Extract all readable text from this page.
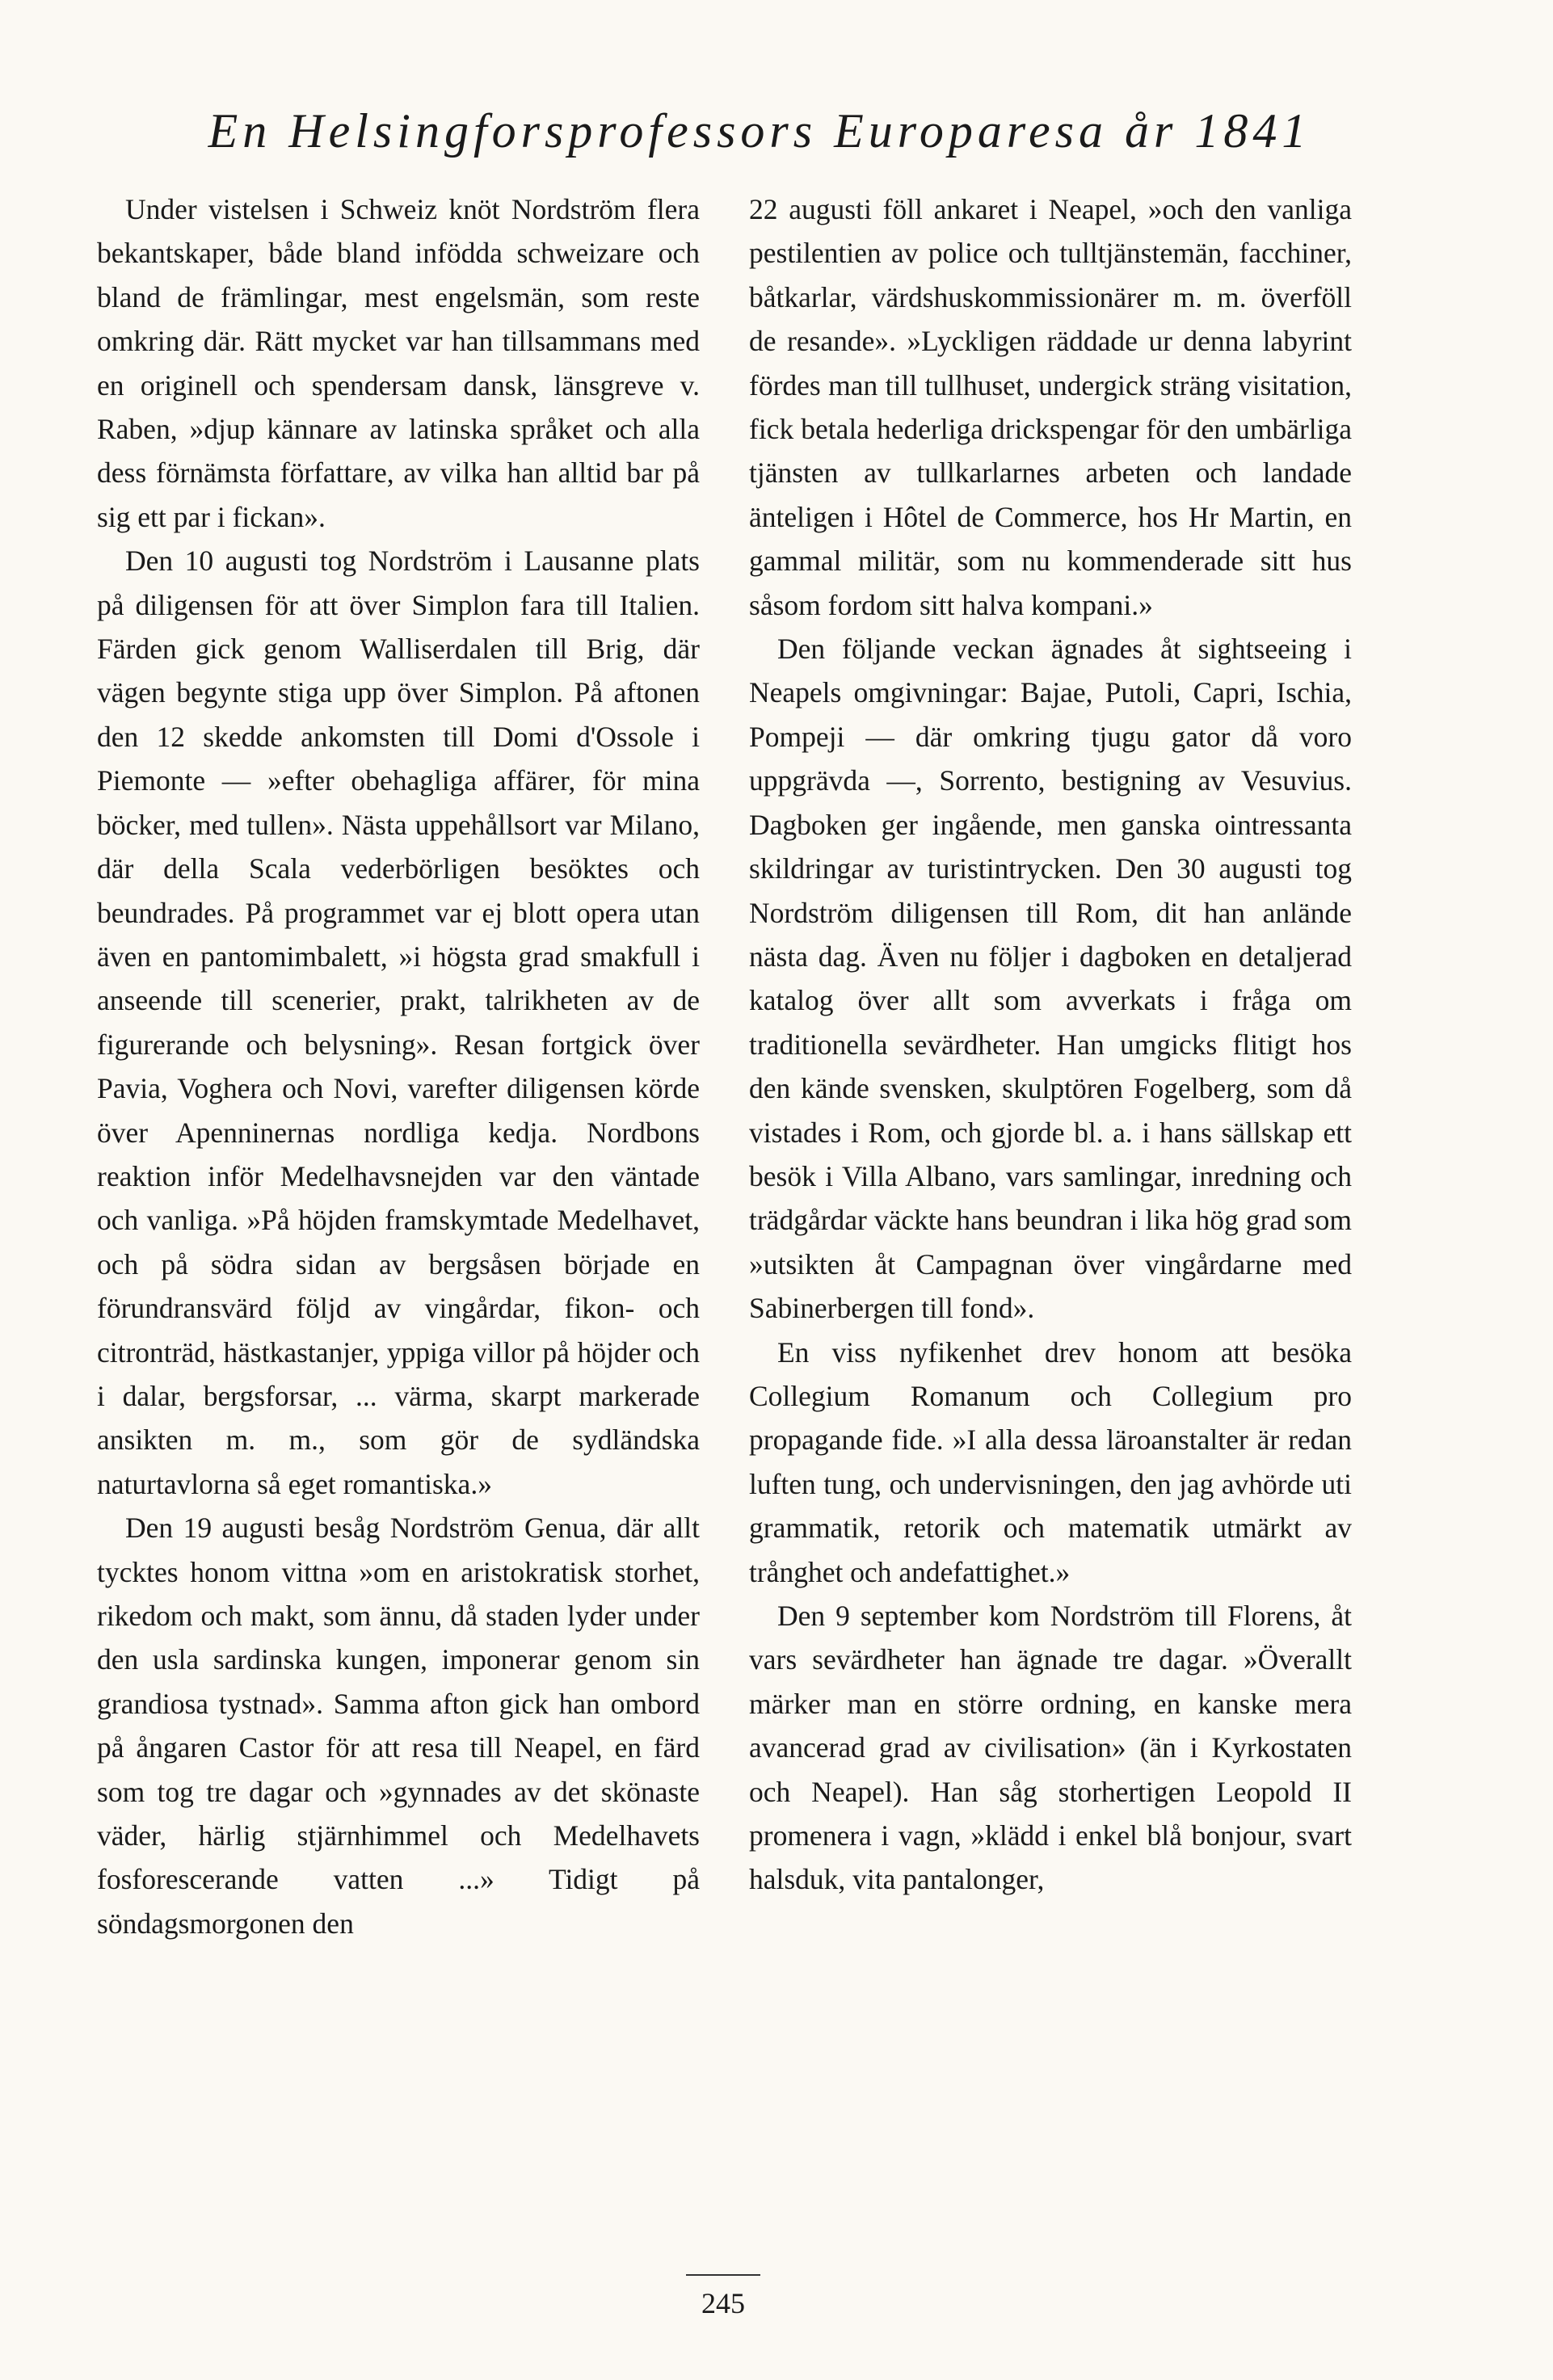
En Helsingforsprofessors Europaresa år 1841

Under vistelsen i Schweiz knöt Nordström flera bekantskaper, både bland infödda schweizare och bland de främlingar, mest engelsmän, som reste omkring där. Rätt mycket var han tillsammans med en originell och spendersam dansk, länsgreve v. Raben, »djup kännare av latinska språket och alla dess förnämsta författare, av vilka han alltid bar på sig ett par i fickan».

Den 10 augusti tog Nordström i Lausanne plats på diligensen för att över Simplon fara till Italien. Färden gick genom Walliserdalen till Brig, där vägen begynte stiga upp över Simplon. På aftonen den 12 skedde ankomsten till Domi d'Ossole i Piemonte — »efter obehagliga affärer, för mina böcker, med tullen». Nästa uppehållsort var Milano, där della Scala vederbörligen besöktes och beundrades. På programmet var ej blott opera utan även en pantomimbalett, »i högsta grad smakfull i anseende till scenerier, prakt, talrikheten av de figurerande och belysning». Resan fortgick över Pavia, Voghera och Novi, varefter diligensen körde över Apenninernas nordliga kedja. Nordbons reaktion inför Medelhavsnejden var den väntade och vanliga. »På höjden framskymtade Medelhavet, och på södra sidan av bergsåsen började en förundransvärd följd av vingårdar, fikon- och citronträd, hästkastanjer, yppiga villor på höjder och i dalar, bergsforsar, ... värma, skarpt markerade ansikten m. m., som gör de sydländska naturtavlorna så eget romantiska.»

Den 19 augusti besåg Nordström Genua, där allt tycktes honom vittna »om en aristokratisk storhet, rikedom och makt, som ännu, då staden lyder under den usla sardinska kungen, imponerar genom sin grandiosa tystnad». Samma afton gick han ombord på ångaren Castor för att resa till Neapel, en färd som tog tre dagar och »gynnades av det skönaste väder, härlig stjärnhimmel och Medelhavets fosforescerande vatten ...» Tidigt på söndagsmorgonen den

22 augusti föll ankaret i Neapel, »och den vanliga pestilentien av police och tulltjänstemän, facchiner, båtkarlar, värdshuskommissionärer m. m. överföll de resande». »Lyckligen räddade ur denna labyrint fördes man till tullhuset, undergick sträng visitation, fick betala hederliga drickspengar för den umbärliga tjänsten av tullkarlarnes arbeten och landade änteligen i Hôtel de Commerce, hos Hr Martin, en gammal militär, som nu kommenderade sitt hus såsom fordom sitt halva kompani.»

Den följande veckan ägnades åt sightseeing i Neapels omgivningar: Bajae, Putoli, Capri, Ischia, Pompeji — där omkring tjugu gator då voro uppgrävda —, Sorrento, bestigning av Vesuvius. Dagboken ger ingående, men ganska ointressanta skildringar av turistintrycken. Den 30 augusti tog Nordström diligensen till Rom, dit han anlände nästa dag. Även nu följer i dagboken en detaljerad katalog över allt som avverkats i fråga om traditionella sevärdheter. Han umgicks flitigt hos den kände svensken, skulptören Fogelberg, som då vistades i Rom, och gjorde bl. a. i hans sällskap ett besök i Villa Albano, vars samlingar, inredning och trädgårdar väckte hans beundran i lika hög grad som »utsikten åt Campagnan över vingårdarne med Sabinerbergen till fond».

En viss nyfikenhet drev honom att besöka Collegium Romanum och Collegium pro propagande fide. »I alla dessa läroanstalter är redan luften tung, och undervisningen, den jag avhörde uti grammatik, retorik och matematik utmärkt av trånghet och andefattighet.»

Den 9 september kom Nordström till Florens, åt vars sevärdheter han ägnade tre dagar. »Överallt märker man en större ordning, en kanske mera avancerad grad av civilisation» (än i Kyrkostaten och Neapel). Han såg storhertigen Leopold II promenera i vagn, »klädd i enkel blå bonjour, svart halsduk, vita pantalonger,

245
